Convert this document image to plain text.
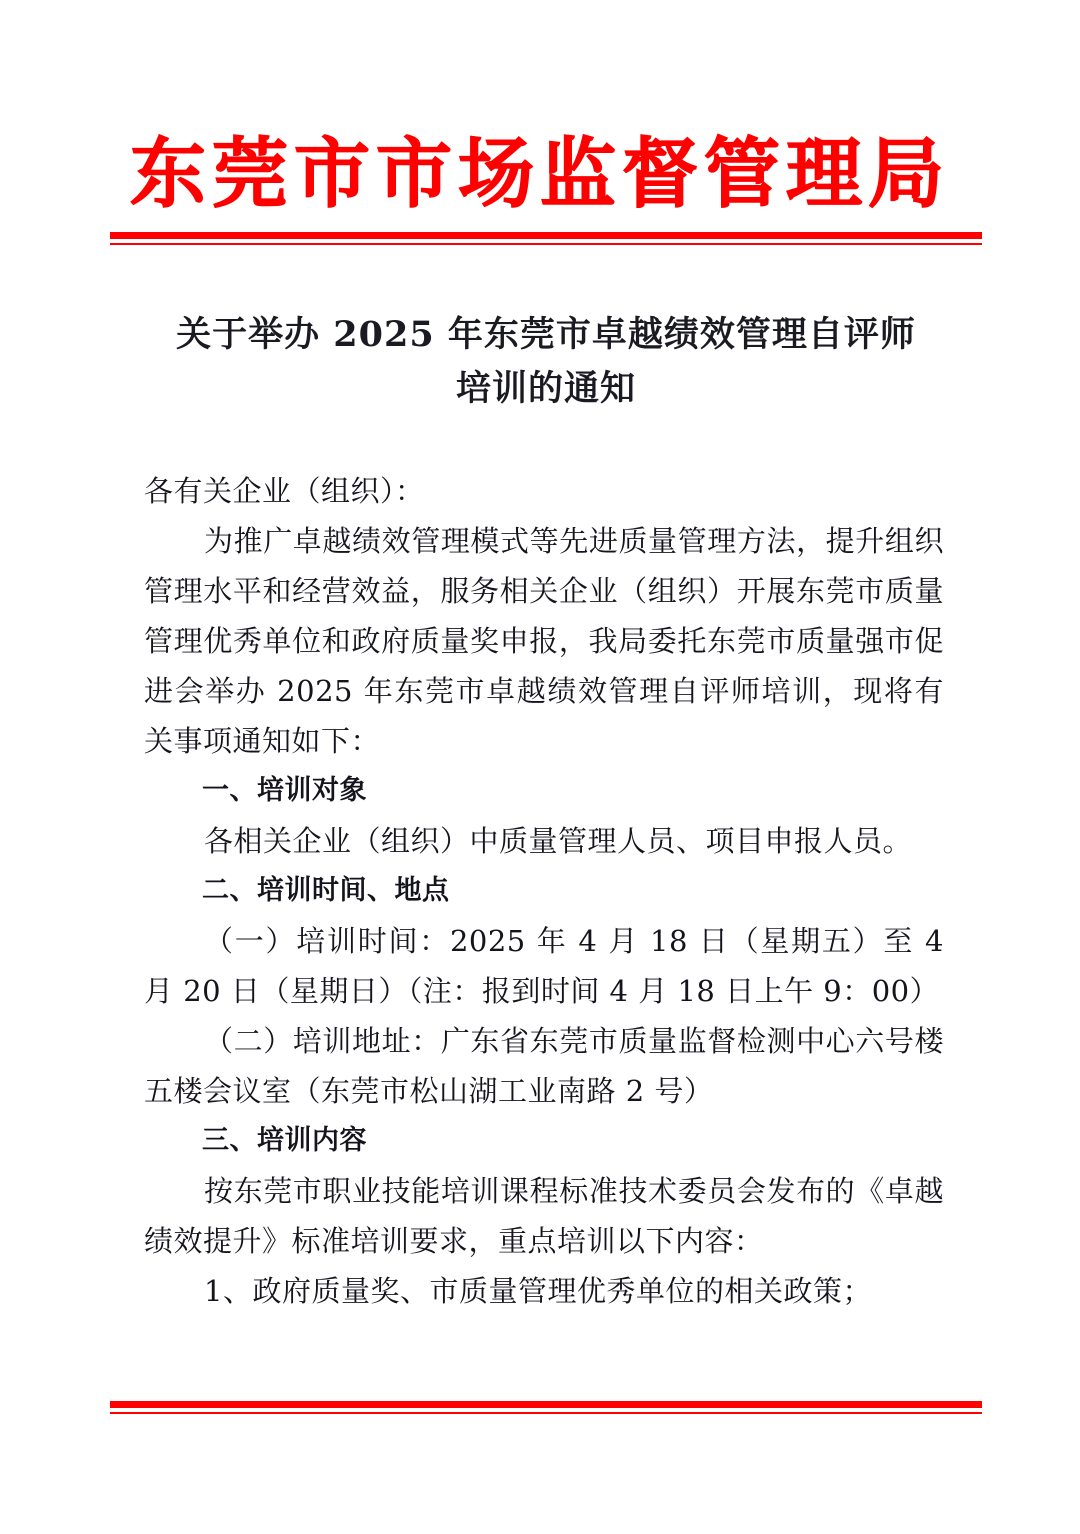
东莞市市场监督管理局
关于举办 2025 年东莞市卓越绩效管理自评师
培训的通知

各有关企业（组织）：

为推广卓越绩效管理模式等先进质量管理方法，提升组织管理水平和经营效益，服务相关企业（组织）开展东莞市质量管理优秀单位和政府质量奖申报，我局委托东莞市质量强市促进会举办 2025 年东莞市卓越绩效管理自评师培训，现将有关事项通知如下：

一、培训对象

各相关企业（组织）中质量管理人员、项目申报人员。

二、培训时间、地点

（一）培训时间：2025 年 4 月 18 日（星期五）至 4 月 20 日（星期日）（注：报到时间 4 月 18 日上午 9：00）

（二）培训地址：广东省东莞市质量监督检测中心六号楼五楼会议室（东莞市松山湖工业南路 2 号）

三、培训内容

按东莞市职业技能培训课程标准技术委员会发布的《卓越绩效提升》标准培训要求，重点培训以下内容：

1、政府质量奖、市质量管理优秀单位的相关政策；
